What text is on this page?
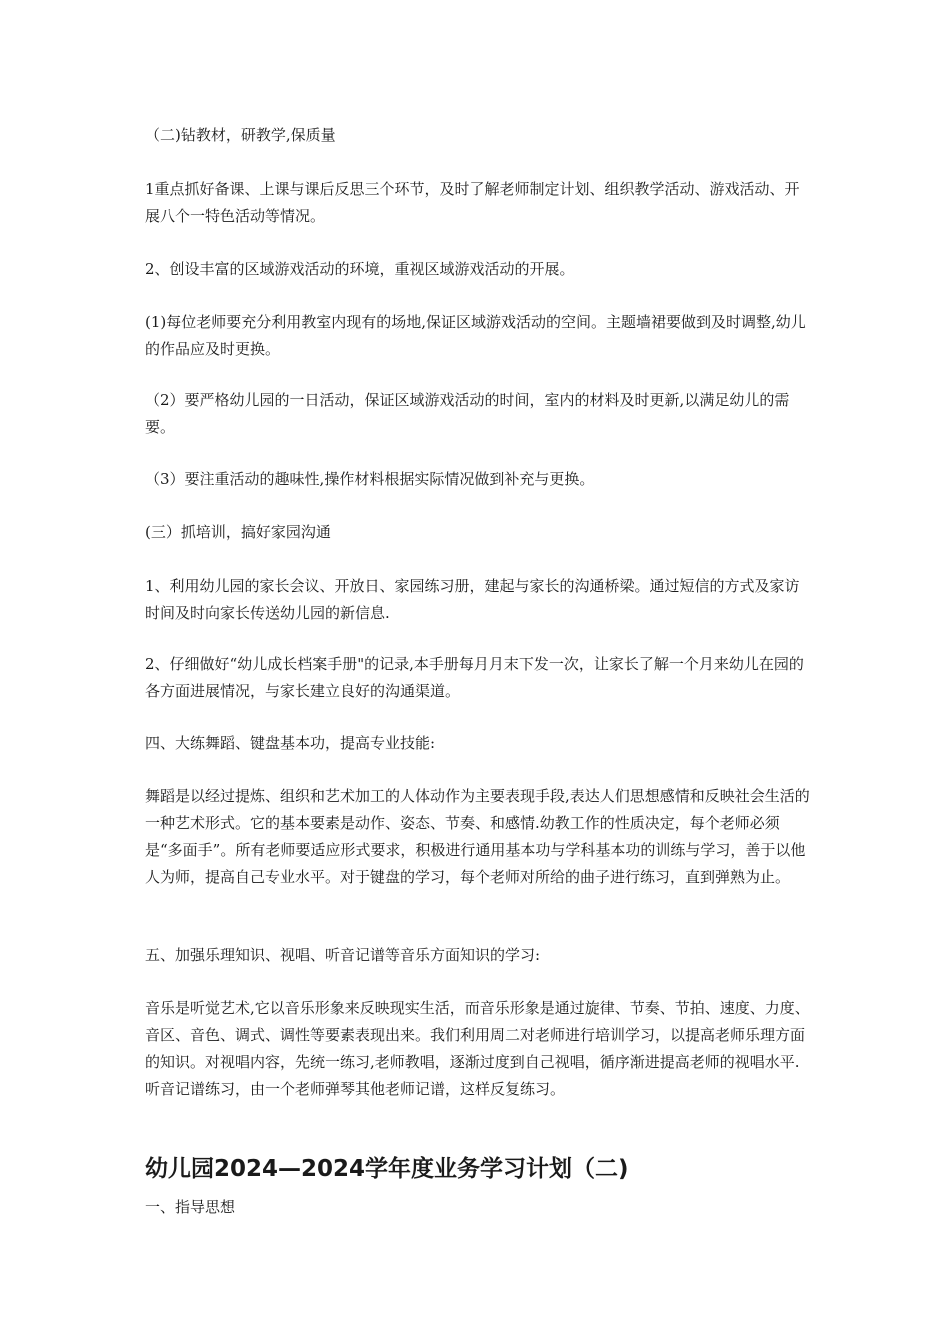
（二)钻教材，研教学,保质量

1重点抓好备课、上课与课后反思三个环节，及时了解老师制定计划、组织教学活动、游戏活动、开展八个一特色活动等情况。

2、创设丰富的区域游戏活动的环境，重视区域游戏活动的开展。

(1)每位老师要充分利用教室内现有的场地,保证区域游戏活动的空间。主题墙裙要做到及时调整,幼儿的作品应及时更换。

（2）要严格幼儿园的一日活动，保证区域游戏活动的时间，室内的材料及时更新,以满足幼儿的需要。

（3）要注重活动的趣味性,操作材料根据实际情况做到补充与更换。

(三）抓培训，搞好家园沟通

1、利用幼儿园的家长会议、开放日、家园练习册，建起与家长的沟通桥梁。通过短信的方式及家访时间及时向家长传送幼儿园的新信息.

2、仔细做好“幼儿成长档案手册"的记录,本手册每月月末下发一次，让家长了解一个月来幼儿在园的各方面进展情况，与家长建立良好的沟通渠道。

四、大练舞蹈、键盘基本功，提高专业技能:

舞蹈是以经过提炼、组织和艺术加工的人体动作为主要表现手段,表达人们思想感情和反映社会生活的一种艺术形式。它的基本要素是动作、姿态、节奏、和感情.幼教工作的性质决定，每个老师必须是“多面手”。所有老师要适应形式要求，积极进行通用基本功与学科基本功的训练与学习，善于以他人为师，提高自己专业水平。对于键盘的学习，每个老师对所给的曲子进行练习，直到弹熟为止。

五、加强乐理知识、视唱、听音记谱等音乐方面知识的学习:

音乐是听觉艺术,它以音乐形象来反映现实生活，而音乐形象是通过旋律、节奏、节拍、速度、力度、音区、音色、调式、调性等要素表现出来。我们利用周二对老师进行培训学习，以提高老师乐理方面的知识。对视唱内容，先统一练习,老师教唱，逐渐过度到自己视唱，循序渐进提高老师的视唱水平.听音记谱练习，由一个老师弹琴其他老师记谱，这样反复练习。

幼儿园2024—2024学年度业务学习计划（二)

一、指导思想
